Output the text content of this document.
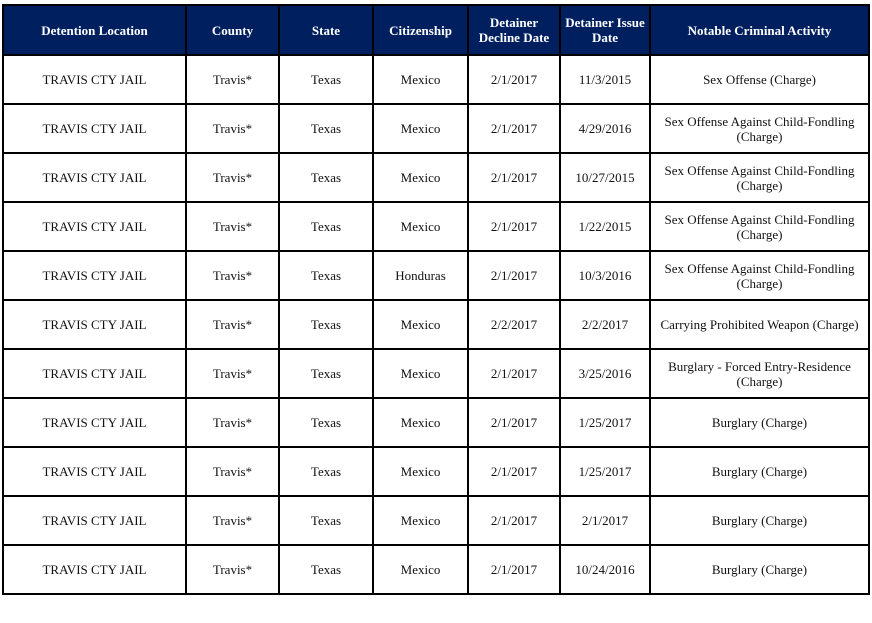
Detention Location	County	State	Citizenship	Detainer Decline Date	Detainer Issue Date	Notable Criminal Activity
TRAVIS CTY JAIL	Travis*	Texas	Mexico	2/1/2017	11/3/2015	Sex Offense (Charge)
TRAVIS CTY JAIL	Travis*	Texas	Mexico	2/1/2017	4/29/2016	Sex Offense Against Child-Fondling (Charge)
TRAVIS CTY JAIL	Travis*	Texas	Mexico	2/1/2017	10/27/2015	Sex Offense Against Child-Fondling (Charge)
TRAVIS CTY JAIL	Travis*	Texas	Mexico	2/1/2017	1/22/2015	Sex Offense Against Child-Fondling (Charge)
TRAVIS CTY JAIL	Travis*	Texas	Honduras	2/1/2017	10/3/2016	Sex Offense Against Child-Fondling (Charge)
TRAVIS CTY JAIL	Travis*	Texas	Mexico	2/2/2017	2/2/2017	Carrying Prohibited Weapon (Charge)
TRAVIS CTY JAIL	Travis*	Texas	Mexico	2/1/2017	3/25/2016	Burglary - Forced Entry-Residence (Charge)
TRAVIS CTY JAIL	Travis*	Texas	Mexico	2/1/2017	1/25/2017	Burglary (Charge)
TRAVIS CTY JAIL	Travis*	Texas	Mexico	2/1/2017	1/25/2017	Burglary (Charge)
TRAVIS CTY JAIL	Travis*	Texas	Mexico	2/1/2017	2/1/2017	Burglary (Charge)
TRAVIS CTY JAIL	Travis*	Texas	Mexico	2/1/2017	10/24/2016	Burglary (Charge)
